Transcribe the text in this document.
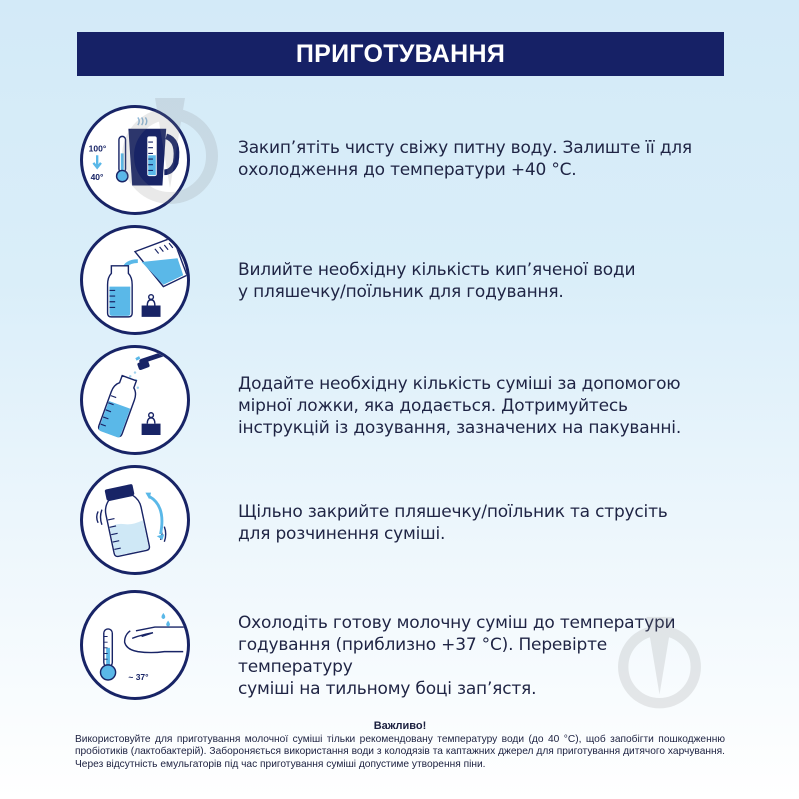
ПРИГОТУВАННЯ
100°
40°
Закип’ятіть чисту свіжу питну воду. Залиште її для
охолодження до температури +40 °C.
Вилийте необхідну кількість кип’яченої води
у пляшечку/поїльник для годування.
Додайте необхідну кількість суміші за допомогою
мірної ложки, яка додається. Дотримуйтесь
інструкцій із дозування, зазначених на пакуванні.
Щільно закрийте пляшечку/поїльник та струсіть
для розчинення суміші.
~ 37°
Охолодіть готову молочну суміш до температури
годування (приблизно +37 °C). Перевірте температуру
суміші на тильному боці зап’ястя.
Важливо!
Використовуйте для приготування молочної суміші тільки рекомендовану температуру води (до 40 °C), щоб запобігти пошкодженню пробіотиків (лактобактерій). Забороняється використання води з колодязів та каптажних джерел для приготування дитячого харчування. Через відсутність емульгаторів під час приготування суміші допустиме утворення піни.
